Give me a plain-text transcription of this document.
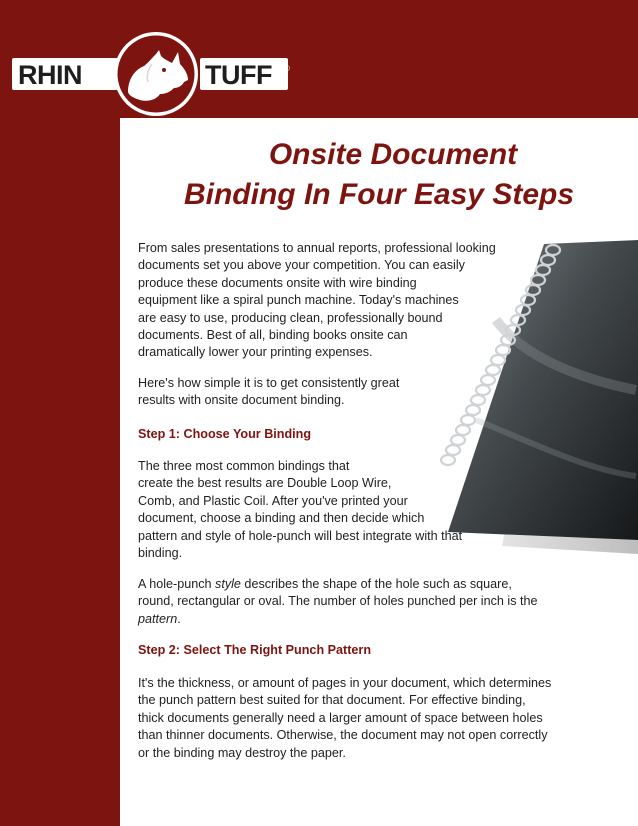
RHIN	TUFF ®
Onsite Document
Binding In Four Easy Steps

From sales presentations to annual reports, professional looking
documents set you above your competition. You can easily
produce these documents onsite with wire binding
equipment like a spiral punch machine. Today's machines
are easy to use, producing clean, professionally bound
documents. Best of all, binding books onsite can
dramatically lower your printing expenses.

Here's how simple it is to get consistently great
results with onsite document binding.

Step 1: Choose Your Binding

The three most common bindings that
create the best results are Double Loop Wire,
Comb, and Plastic Coil. After you've printed your
document, choose a binding and then decide which
pattern and style of hole-punch will best integrate with that
binding.

A hole-punch style describes the shape of the hole such as square,
round, rectangular or oval. The number of holes punched per inch is the
pattern.

Step 2: Select The Right Punch Pattern

It's the thickness, or amount of pages in your document, which determines
the punch pattern best suited for that document. For effective binding,
thick documents generally need a larger amount of space between holes
than thinner documents. Otherwise, the document may not open correctly
or the binding may destroy the paper.
